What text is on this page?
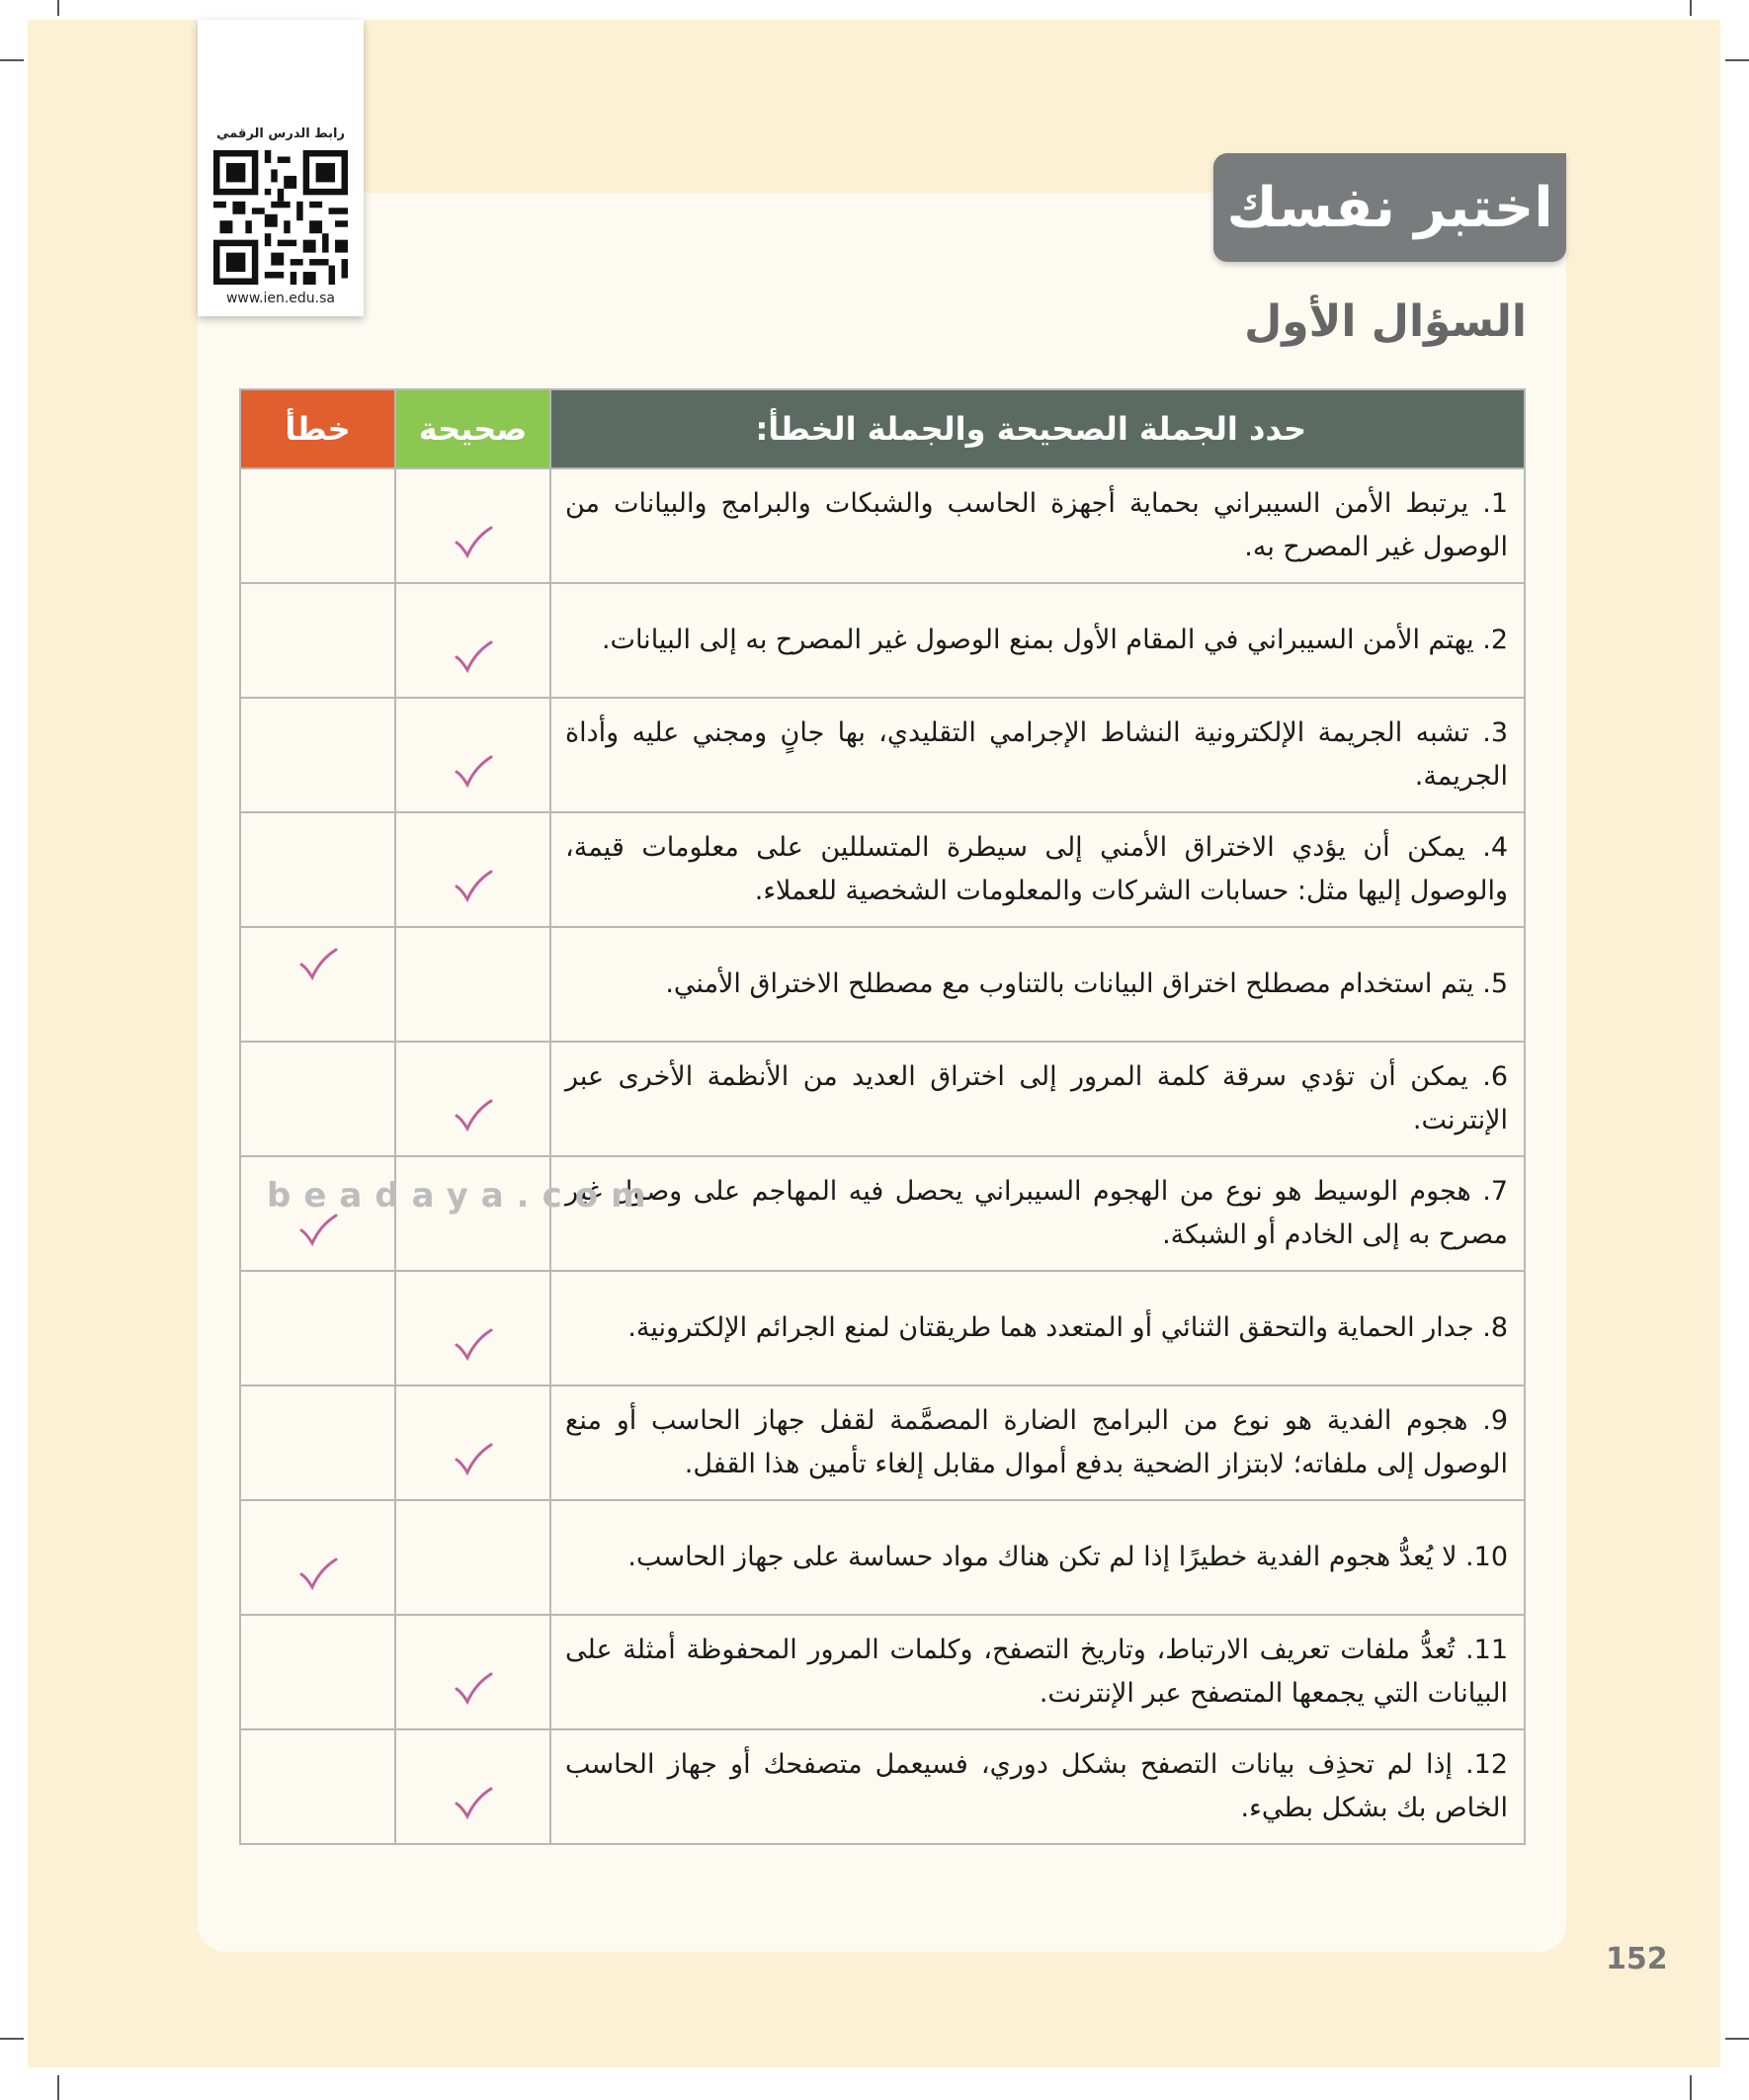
رابط الدرس الرقمي
www.ien.edu.sa
اختبر نفسك
السؤال الأول
خطأ	صحيحة	حدد الجملة الصحيحة والجملة الخطأ:
		1. يرتبط الأمن السيبراني بحماية أجهزة الحاسب والشبكات والبرامج والبيانات من الوصول غير المصرح به.
		2. يهتم الأمن السيبراني في المقام الأول بمنع الوصول غير المصرح به إلى البيانات.
		3. تشبه الجريمة الإلكترونية النشاط الإجرامي التقليدي، بها جانٍ ومجني عليه وأداة الجريمة.
		4. يمكن أن يؤدي الاختراق الأمني إلى سيطرة المتسللين على معلومات قيمة، والوصول إليها مثل: حسابات الشركات والمعلومات الشخصية للعملاء.
		5. يتم استخدام مصطلح اختراق البيانات بالتناوب مع مصطلح الاختراق الأمني.
		6. يمكن أن تؤدي سرقة كلمة المرور إلى اختراق العديد من الأنظمة الأخرى عبر الإنترنت.
		7. هجوم الوسيط هو نوع من الهجوم السيبراني يحصل فيه المهاجم على وصول غير مصرح به إلى الخادم أو الشبكة.
		8. جدار الحماية والتحقق الثنائي أو المتعدد هما طريقتان لمنع الجرائم الإلكترونية.
		9. هجوم الفدية هو نوع من البرامج الضارة المصمَّمة لقفل جهاز الحاسب أو منع الوصول إلى ملفاته؛ لابتزاز الضحية بدفع أموال مقابل إلغاء تأمين هذا القفل.
		10. لا يُعدُّ هجوم الفدية خطيرًا إذا لم تكن هناك مواد حساسة على جهاز الحاسب.
		11. تُعدُّ ملفات تعريف الارتباط، وتاريخ التصفح، وكلمات المرور المحفوظة أمثلة على البيانات التي يجمعها المتصفح عبر الإنترنت.
		12. إذا لم تحذِف بيانات التصفح بشكل دوري، فسيعمل متصفحك أو جهاز الحاسب الخاص بك بشكل بطيء.
beadaya.com
152
